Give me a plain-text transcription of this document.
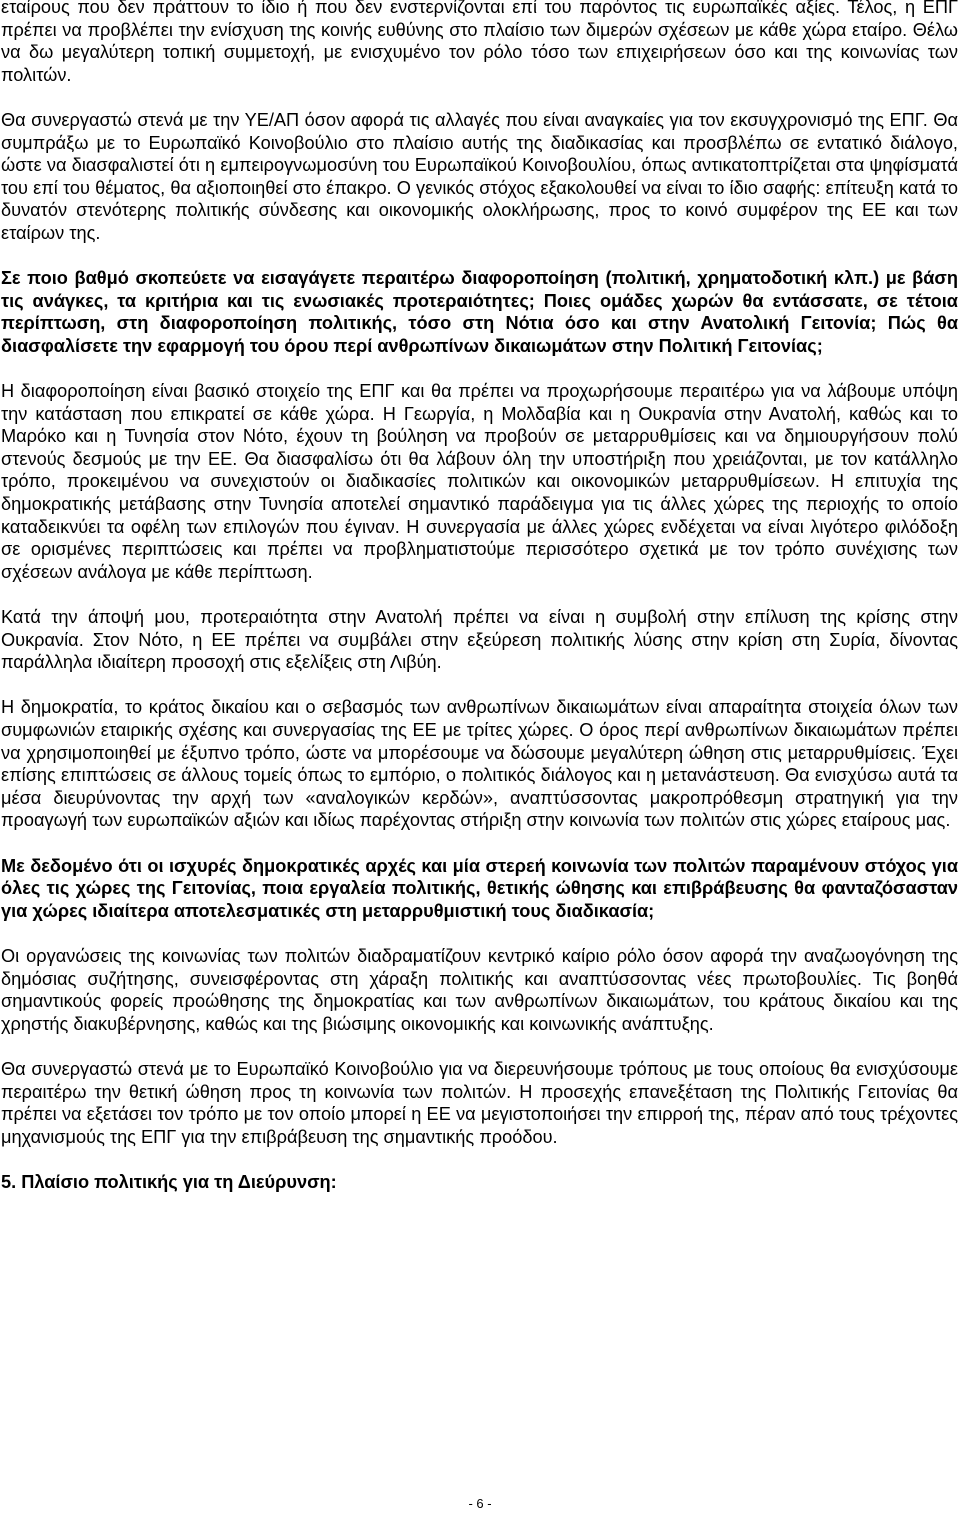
εταίρους που δεν πράττουν το ίδιο ή που δεν ενστερνίζονται επί του παρόντος τις ευρωπαϊκές αξίες. Τέλος, η ΕΠΓ πρέπει να προβλέπει την ενίσχυση της κοινής ευθύνης στο πλαίσιο των διμερών σχέσεων με κάθε χώρα εταίρο. Θέλω να δω μεγαλύτερη τοπική συμμετοχή, με ενισχυμένο τον ρόλο τόσο των επιχειρήσεων όσο και της κοινωνίας των πολιτών.

Θα συνεργαστώ στενά με την ΥΕ/ΑΠ όσον αφορά τις αλλαγές που είναι αναγκαίες για τον εκσυγχρονισμό της ΕΠΓ. Θα συμπράξω με το Ευρωπαϊκό Κοινοβούλιο στο πλαίσιο αυτής της διαδικασίας και προσβλέπω σε εντατικό διάλογο, ώστε να διασφαλιστεί ότι η εμπειρογνωμοσύνη του Ευρωπαϊκού Κοινοβουλίου, όπως αντικατοπτρίζεται στα ψηφίσματά του επί του θέματος, θα αξιοποιηθεί στο έπακρο. Ο γενικός στόχος εξακολουθεί να είναι το ίδιο σαφής: επίτευξη κατά το δυνατόν στενότερης πολιτικής σύνδεσης και οικονομικής ολοκλήρωσης, προς το κοινό συμφέρον της ΕΕ και των εταίρων της.

Σε ποιο βαθμό σκοπεύετε να εισαγάγετε περαιτέρω διαφοροποίηση (πολιτική, χρηματοδοτική κλπ.) με βάση τις ανάγκες, τα κριτήρια και τις ενωσιακές προτεραιότητες; Ποιες ομάδες χωρών θα εντάσσατε, σε τέτοια περίπτωση, στη διαφοροποίηση πολιτικής, τόσο στη Νότια όσο και στην Ανατολική Γειτονία; Πώς θα διασφαλίσετε την εφαρμογή του όρου περί ανθρωπίνων δικαιωμάτων στην Πολιτική Γειτονίας;

Η διαφοροποίηση είναι βασικό στοιχείο της ΕΠΓ και θα πρέπει να προχωρήσουμε περαιτέρω για να λάβουμε υπόψη την κατάσταση που επικρατεί σε κάθε χώρα. Η Γεωργία, η Μολδαβία και η Ουκρανία στην Ανατολή, καθώς και το Μαρόκο και η Τυνησία στον Νότο, έχουν τη βούληση να προβούν σε μεταρρυθμίσεις και να δημιουργήσουν πολύ στενούς δεσμούς με την ΕΕ. Θα διασφαλίσω ότι θα λάβουν όλη την υποστήριξη που χρειάζονται, με τον κατάλληλο τρόπο, προκειμένου να συνεχιστούν οι διαδικασίες πολιτικών και οικονομικών μεταρρυθμίσεων. Η επιτυχία της δημοκρατικής μετάβασης στην Τυνησία αποτελεί σημαντικό παράδειγμα για τις άλλες χώρες της περιοχής το οποίο καταδεικνύει τα οφέλη των επιλογών που έγιναν. Η συνεργασία με άλλες χώρες ενδέχεται να είναι λιγότερο φιλόδοξη σε ορισμένες περιπτώσεις και πρέπει να προβληματιστούμε περισσότερο σχετικά με τον τρόπο συνέχισης των σχέσεων ανάλογα με κάθε περίπτωση.

Κατά την άποψή μου, προτεραιότητα στην Ανατολή πρέπει να είναι η συμβολή στην επίλυση της κρίσης στην Ουκρανία. Στον Νότο, η ΕΕ πρέπει να συμβάλει στην εξεύρεση πολιτικής λύσης στην κρίση στη Συρία, δίνοντας παράλληλα ιδιαίτερη προσοχή στις εξελίξεις στη Λιβύη.

Η δημοκρατία, το κράτος δικαίου και ο σεβασμός των ανθρωπίνων δικαιωμάτων είναι απαραίτητα στοιχεία όλων των συμφωνιών εταιρικής σχέσης και συνεργασίας της ΕΕ με τρίτες χώρες. Ο όρος περί ανθρωπίνων δικαιωμάτων πρέπει να χρησιμοποιηθεί με έξυπνο τρόπο, ώστε να μπορέσουμε να δώσουμε μεγαλύτερη ώθηση στις μεταρρυθμίσεις. Έχει επίσης επιπτώσεις σε άλλους τομείς όπως το εμπόριο, ο πολιτικός διάλογος και η μετανάστευση. Θα ενισχύσω αυτά τα μέσα διευρύνοντας την αρχή των «αναλογικών κερδών», αναπτύσσοντας μακροπρόθεσμη στρατηγική για την προαγωγή των ευρωπαϊκών αξιών και ιδίως παρέχοντας στήριξη στην κοινωνία των πολιτών στις χώρες εταίρους μας.

Με δεδομένο ότι οι ισχυρές δημοκρατικές αρχές και μία στερεή κοινωνία των πολιτών παραμένουν στόχος για όλες τις χώρες της Γειτονίας, ποια εργαλεία πολιτικής, θετικής ώθησης και επιβράβευσης θα φανταζόσασταν για χώρες ιδιαίτερα αποτελεσματικές στη μεταρρυθμιστική τους διαδικασία;

Οι οργανώσεις της κοινωνίας των πολιτών διαδραματίζουν κεντρικό καίριο ρόλο όσον αφορά την αναζωογόνηση της δημόσιας συζήτησης, συνεισφέροντας στη χάραξη πολιτικής και αναπτύσσοντας νέες πρωτοβουλίες. Τις βοηθά σημαντικούς φορείς προώθησης της δημοκρατίας και των ανθρωπίνων δικαιωμάτων, του κράτους δικαίου και της χρηστής διακυβέρνησης, καθώς και της βιώσιμης οικονομικής και κοινωνικής ανάπτυξης.

Θα συνεργαστώ στενά με το Ευρωπαϊκό Κοινοβούλιο για να διερευνήσουμε τρόπους με τους οποίους θα ενισχύσουμε περαιτέρω την θετική ώθηση προς τη κοινωνία των πολιτών. Η προσεχής επανεξέταση της Πολιτικής Γειτονίας θα πρέπει να εξετάσει τον τρόπο με τον οποίο μπορεί η ΕΕ να μεγιστοποιήσει την επιρροή της, πέραν από τους τρέχοντες μηχανισμούς της ΕΠΓ για την επιβράβευση της σημαντικής προόδου.

5. Πλαίσιο πολιτικής για τη Διεύρυνση:

- 6 -
